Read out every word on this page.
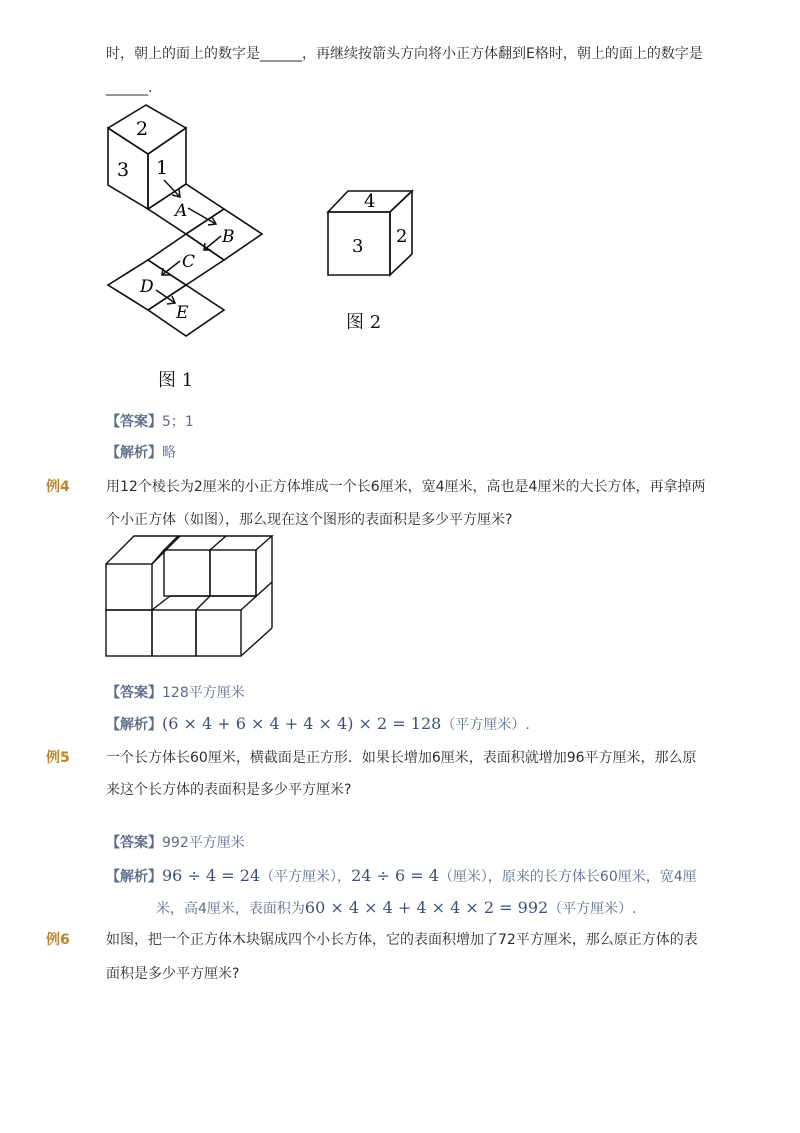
时，朝上的面上的数字是______，再继续按箭头方向将小正方体翻到E格时，朝上的面上的数字是
______.
2
3 1
A
B
C
D
E
图 1
4
3 2
图 2
【答案】5；1
【解析】略
例4	用12个棱长为2厘米的小正方体堆成一个长6厘米，宽4厘米，高也是4厘米的大长方体，再拿掉两
个小正方体（如图），那么现在这个图形的表面积是多少平方厘米?
【答案】128平方厘米
【解析】(6 × 4 + 6 × 4 + 4 × 4) × 2 = 128（平方厘米）.
例5	一个长方体长60厘米，横截面是正方形．如果长增加6厘米，表面积就增加96平方厘米，那么原
来这个长方体的表面积是多少平方厘米?
【答案】992平方厘米
【解析】96 ÷ 4 = 24（平方厘米），24 ÷ 6 = 4（厘米），原来的长方体长60厘米，宽4厘
米，高4厘米，表面积为60 × 4 × 4 + 4 × 4 × 2 = 992（平方厘米）.
例6	如图，把一个正方体木块锯成四个小长方体，它的表面积增加了72平方厘米，那么原正方体的表
面积是多少平方厘米?
